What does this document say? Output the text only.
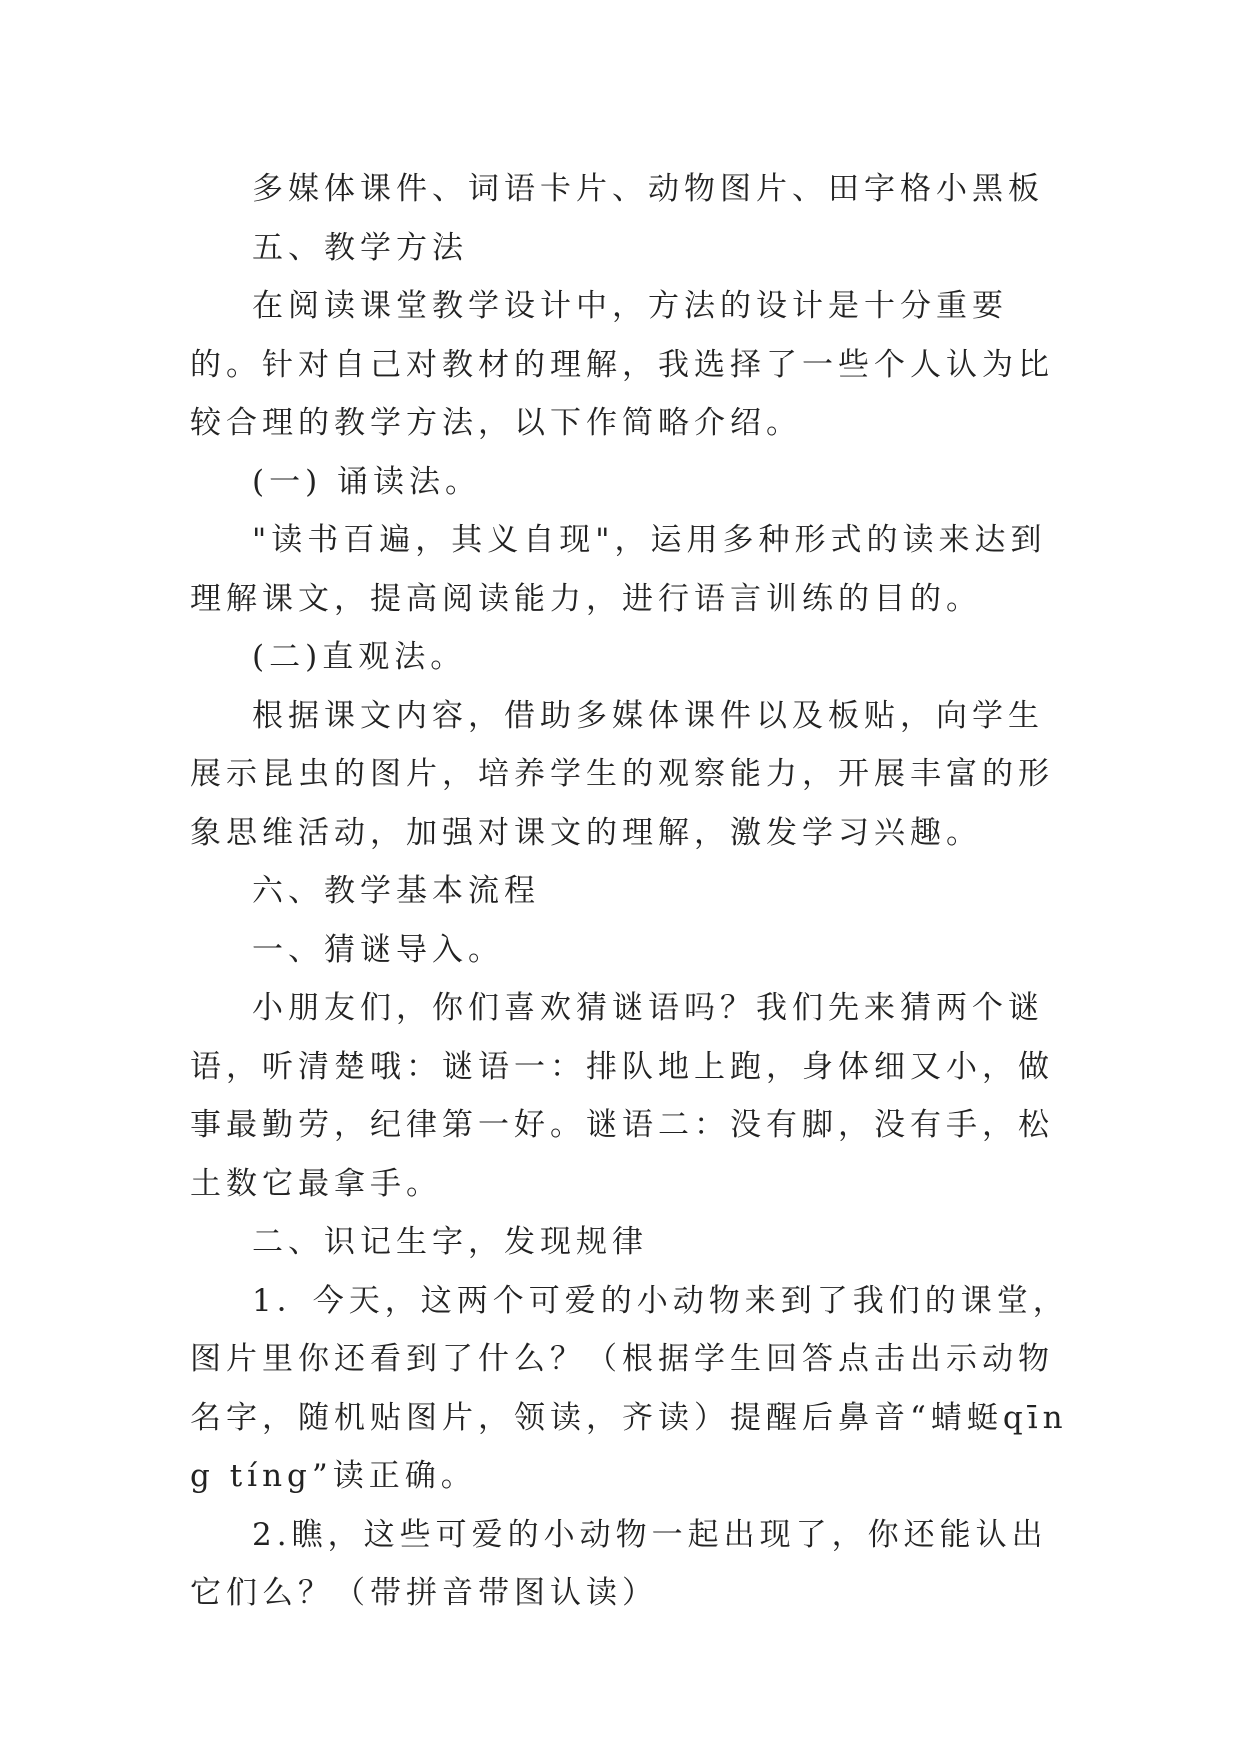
多媒体课件、词语卡片、动物图片、田字格小黑板

五、教学方法

在阅读课堂教学设计中，方法的设计是十分重要的。针对自己对教材的理解，我选择了一些个人认为比较合理的教学方法，以下作简略介绍。

(一) 诵读法。

"读书百遍，其义自现"，运用多种形式的读来达到理解课文，提高阅读能力，进行语言训练的目的。

(二)直观法。

根据课文内容，借助多媒体课件以及板贴，向学生展示昆虫的图片，培养学生的观察能力，开展丰富的形象思维活动，加强对课文的理解，激发学习兴趣。

六、教学基本流程

一、猜谜导入。

小朋友们，你们喜欢猜谜语吗？我们先来猜两个谜语，听清楚哦：谜语一：排队地上跑，身体细又小，做事最勤劳，纪律第一好。谜语二：没有脚，没有手，松土数它最拿手。

二、识记生字，发现规律

1．今天，这两个可爱的小动物来到了我们的课堂，图片里你还看到了什么？（根据学生回答点击出示动物名字，随机贴图片，领读，齐读）提醒后鼻音“蜻蜓qīng tíng”读正确。

2.瞧，这些可爱的小动物一起出现了，你还能认出它们么？（带拼音带图认读）
